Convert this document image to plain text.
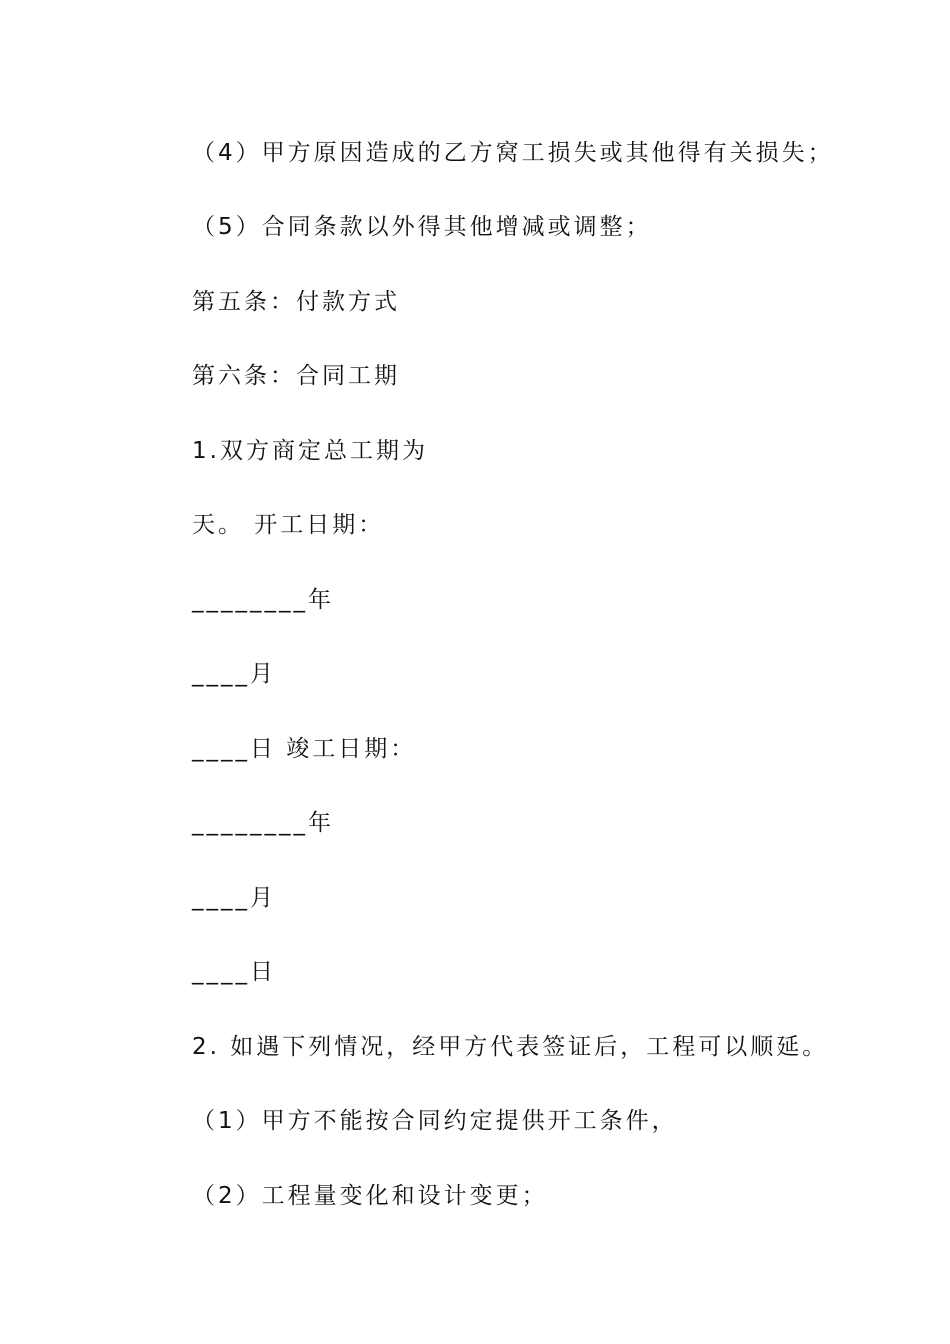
（4）甲方原因造成的乙方窝工损失或其他得有关损失；
（5）合同条款以外得其他增减或调整；
第五条：付款方式
第六条：合同工期
1.双方商定总工期为
天。 开工日期：
________年
____月
____日 竣工日期：
________年
____月
____日
2. 如遇下列情况，经甲方代表签证后，工程可以顺延。
（1）甲方不能按合同约定提供开工条件，
（2）工程量变化和设计变更；
